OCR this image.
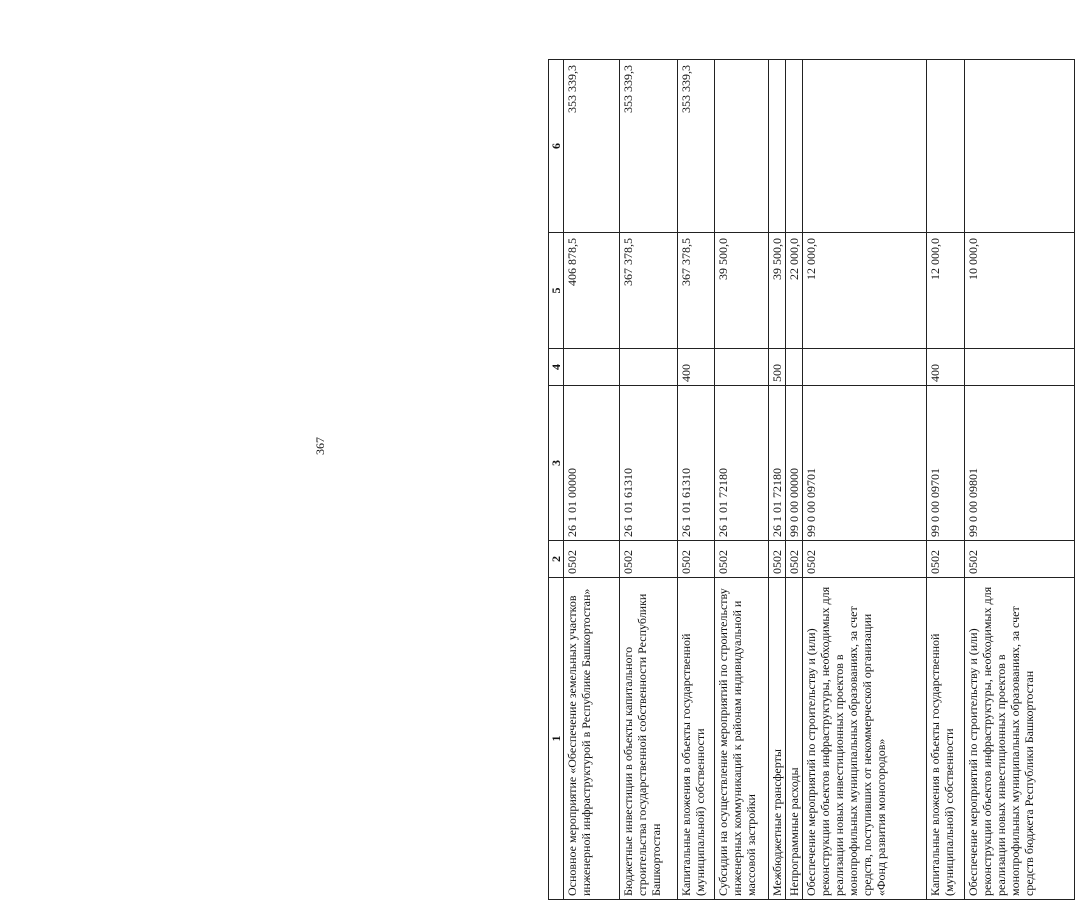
367
1	2	3	4	5	6
Основное мероприятие «Обеспечение земельных участков инженерной инфраструктурой в Республике Башкортостан»	0502	26 1 01 00000		406 878,5	353 339,3
Бюджетные инвестиции в объекты капитального строительства государственной собственности Республики Башкортостан	0502	26 1 01 61310		367 378,5	353 339,3
Капитальные вложения в объекты государственной (муниципальной) собственности	0502	26 1 01 61310	400	367 378,5	353 339,3
Субсидии на осуществление мероприятий по строительству инженерных коммуникаций к районам индивидуальной и массовой застройки	0502	26 1 01 72180		39 500,0	
Межбюджетные трансферты	0502	26 1 01 72180	500	39 500,0	
Непрограммные расходы	0502	99 0 00 00000		22 000,0	
Обеспечение мероприятий по строительству и (или) реконструкции объектов инфраструктуры, необходимых для реализации новых инвестиционных проектов в монопрофильных муниципальных образованиях, за счет средств, поступивших от некоммерческой организации «Фонд развития моногородов»	0502	99 0 00 09701		12 000,0	
Капитальные вложения в объекты государственной (муниципальной) собственности	0502	99 0 00 09701	400	12 000,0	
Обеспечение мероприятий по строительству и (или) реконструкции объектов инфраструктуры, необходимых для реализации новых инвестиционных проектов в монопрофильных муниципальных образованиях, за счет средств бюджета Республики Башкортостан	0502	99 0 00 09801		10 000,0	
